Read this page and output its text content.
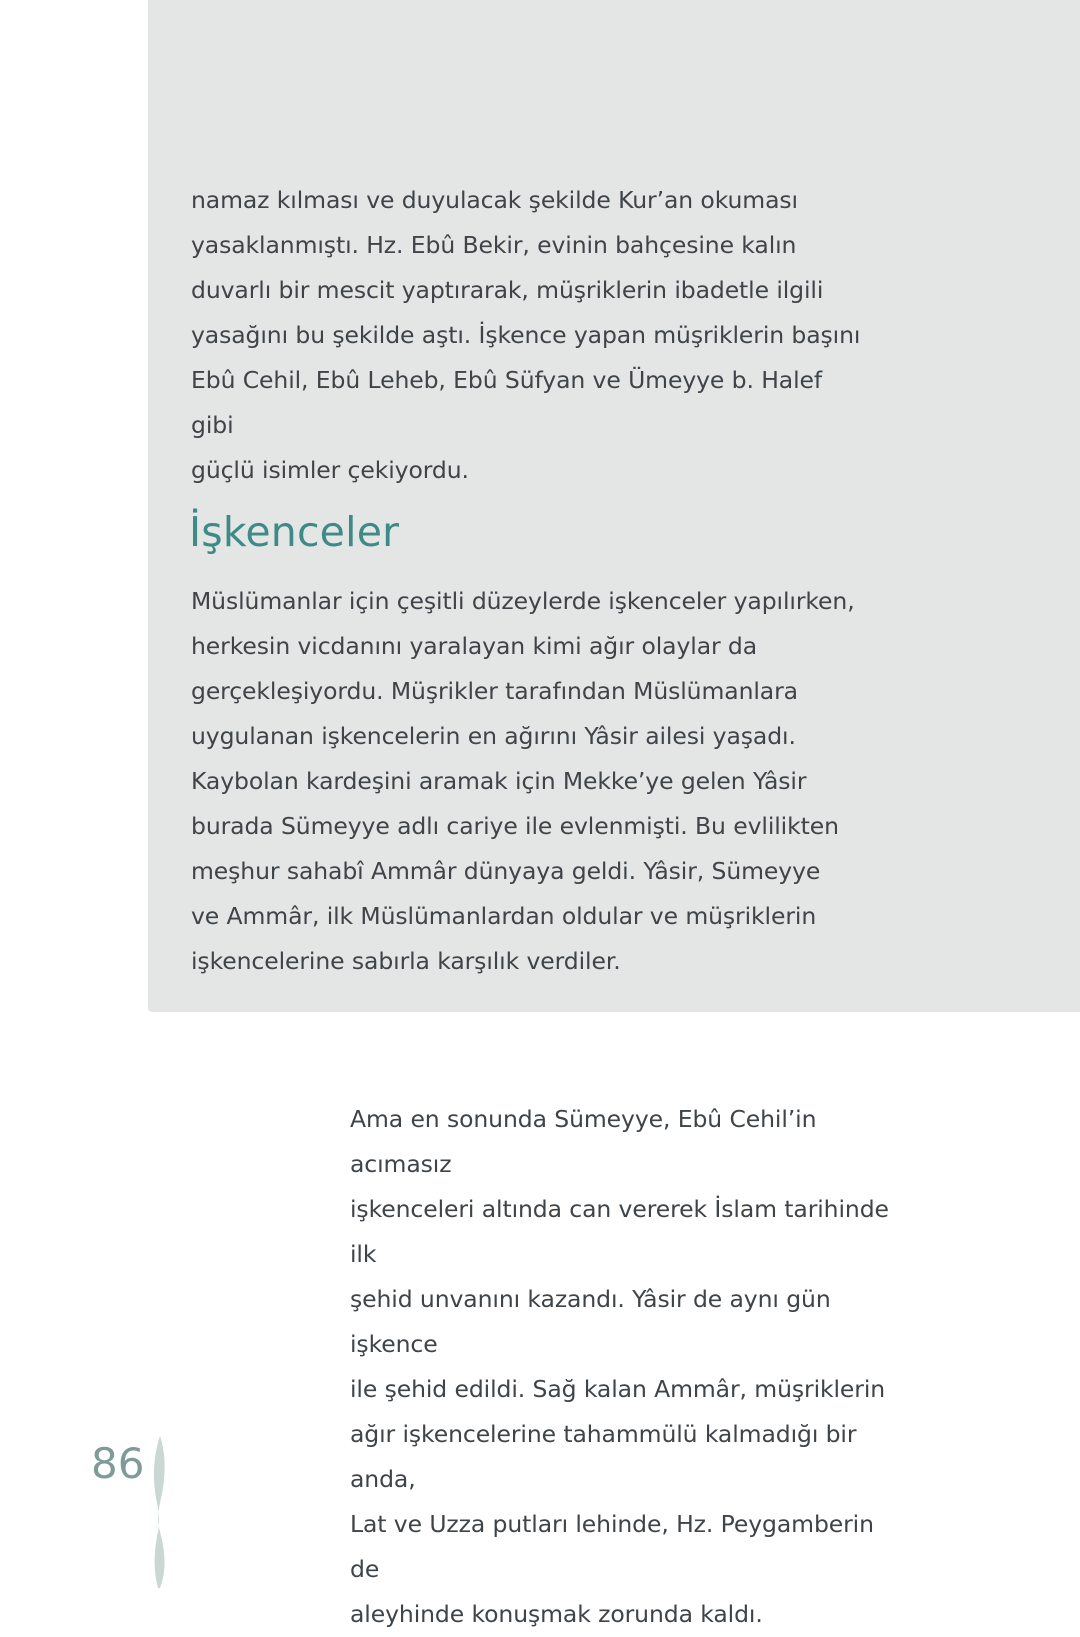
namaz kılması ve duyulacak şekilde Kur’an okuması
yasaklanmıştı. Hz. Ebû Bekir, evinin bahçesine kalın
duvarlı bir mescit yaptırarak, müşriklerin ibadetle ilgili
yasağını bu şekilde aştı. İşkence yapan müşriklerin başını
Ebû Cehil, Ebû Leheb, Ebû Süfyan ve Ümeyye b. Halef gibi
güçlü isimler çekiyordu.

İşkenceler

Müslümanlar için çeşitli düzeylerde işkenceler yapılırken,
herkesin vicdanını yaralayan kimi ağır olaylar da
gerçekleşiyordu. Müşrikler tarafından Müslümanlara
uygulanan işkencelerin en ağırını Yâsir ailesi yaşadı.
Kaybolan kardeşini aramak için Mekke’ye gelen Yâsir
burada Sümeyye adlı cariye ile evlenmişti. Bu evlilikten
meşhur sahabî Ammâr dünyaya geldi. Yâsir, Sümeyye
ve Ammâr, ilk Müslümanlardan oldular ve müşriklerin
işkencelerine sabırla karşılık verdiler.

Ama en sonunda Sümeyye, Ebû Cehil’in acımasız
işkenceleri altında can vererek İslam tarihinde ilk
şehid unvanını kazandı. Yâsir de aynı gün işkence
ile şehid edildi. Sağ kalan Ammâr, müşriklerin
ağır işkencelerine tahammülü kalmadığı bir anda,
Lat ve Uzza putları lehinde, Hz. Peygamberin de
aleyhinde konuşmak zorunda kaldı.

86
